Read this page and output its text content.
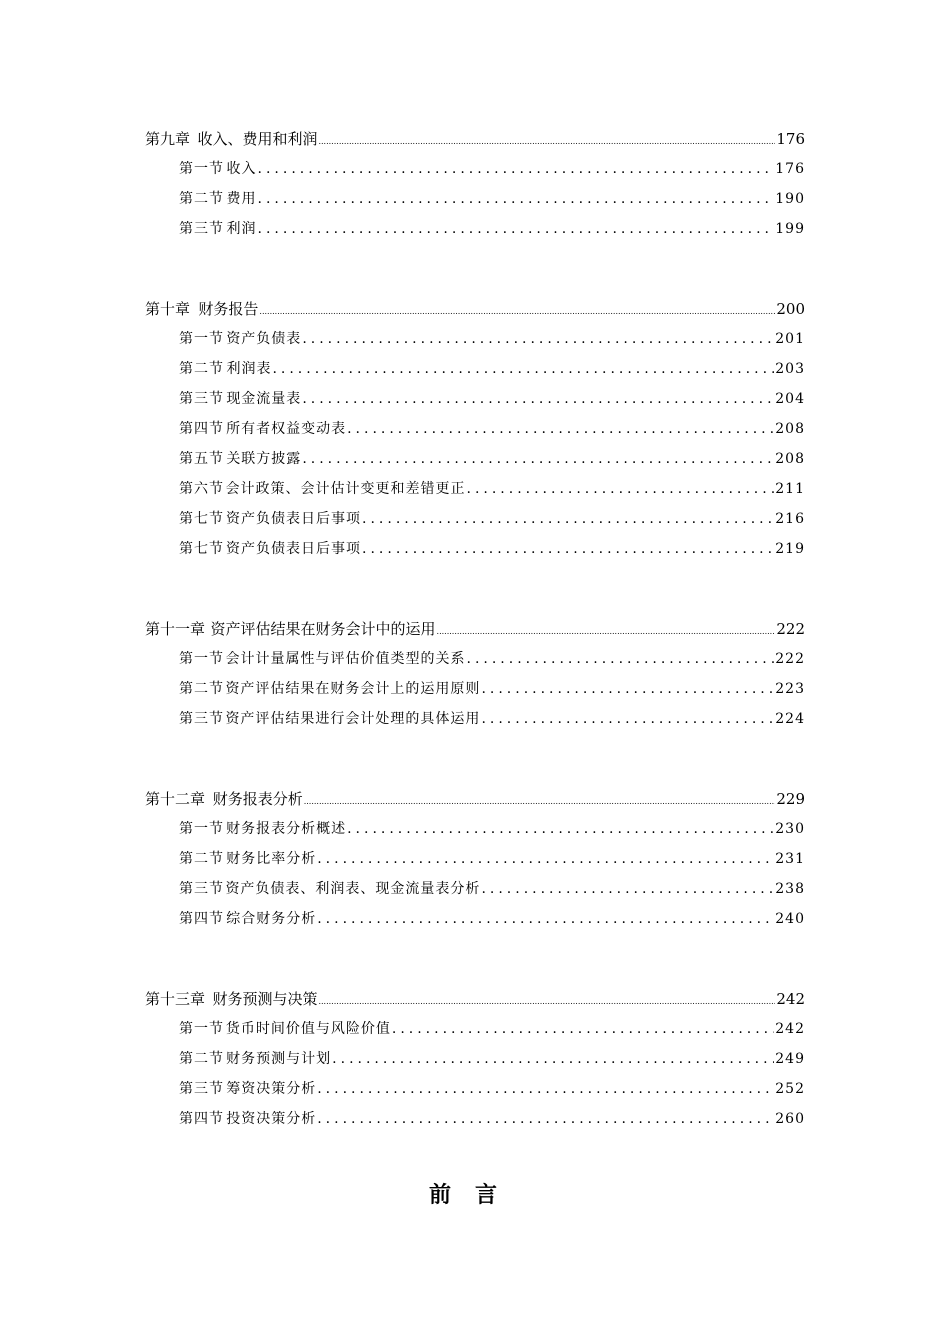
第九章 收入、费用和利润 .....	176
第一节 收入 .....	176
第二节 费用 .....	190
第三节 利润 .....	199
第十章 财务报告 .....	200
第一节 资产负债表 .....	201
第二节 利润表 .....	203
第三节 现金流量表 .....	204
第四节 所有者权益变动表 .....	208
第五节 关联方披露 .....	208
第六节 会计政策、会计估计变更和差错更正 .....	211
第七节 资产负债表日后事项 .....	216
第七节 资产负债表日后事项 .....	219
第十一章 资产评估结果在财务会计中的运用 .....	222
第一节 会计计量属性与评估价值类型的关系 .....	222
第二节 资产评估结果在财务会计上的运用原则 .....	223
第三节 资产评估结果进行会计处理的具体运用 .....	224
第十二章 财务报表分析 .....	229
第一节 财务报表分析概述 .....	230
第二节 财务比率分析 .....	231
第三节 资产负债表、利润表、现金流量表分析 .....	238
第四节 综合财务分析 .....	240
第十三章 财务预测与决策 .....	242
第一节 货币时间价值与风险价值 .....	242
第二节 财务预测与计划 .....	249
第三节 筹资决策分析 .....	252
第四节 投资决策分析 .....	260
前言
